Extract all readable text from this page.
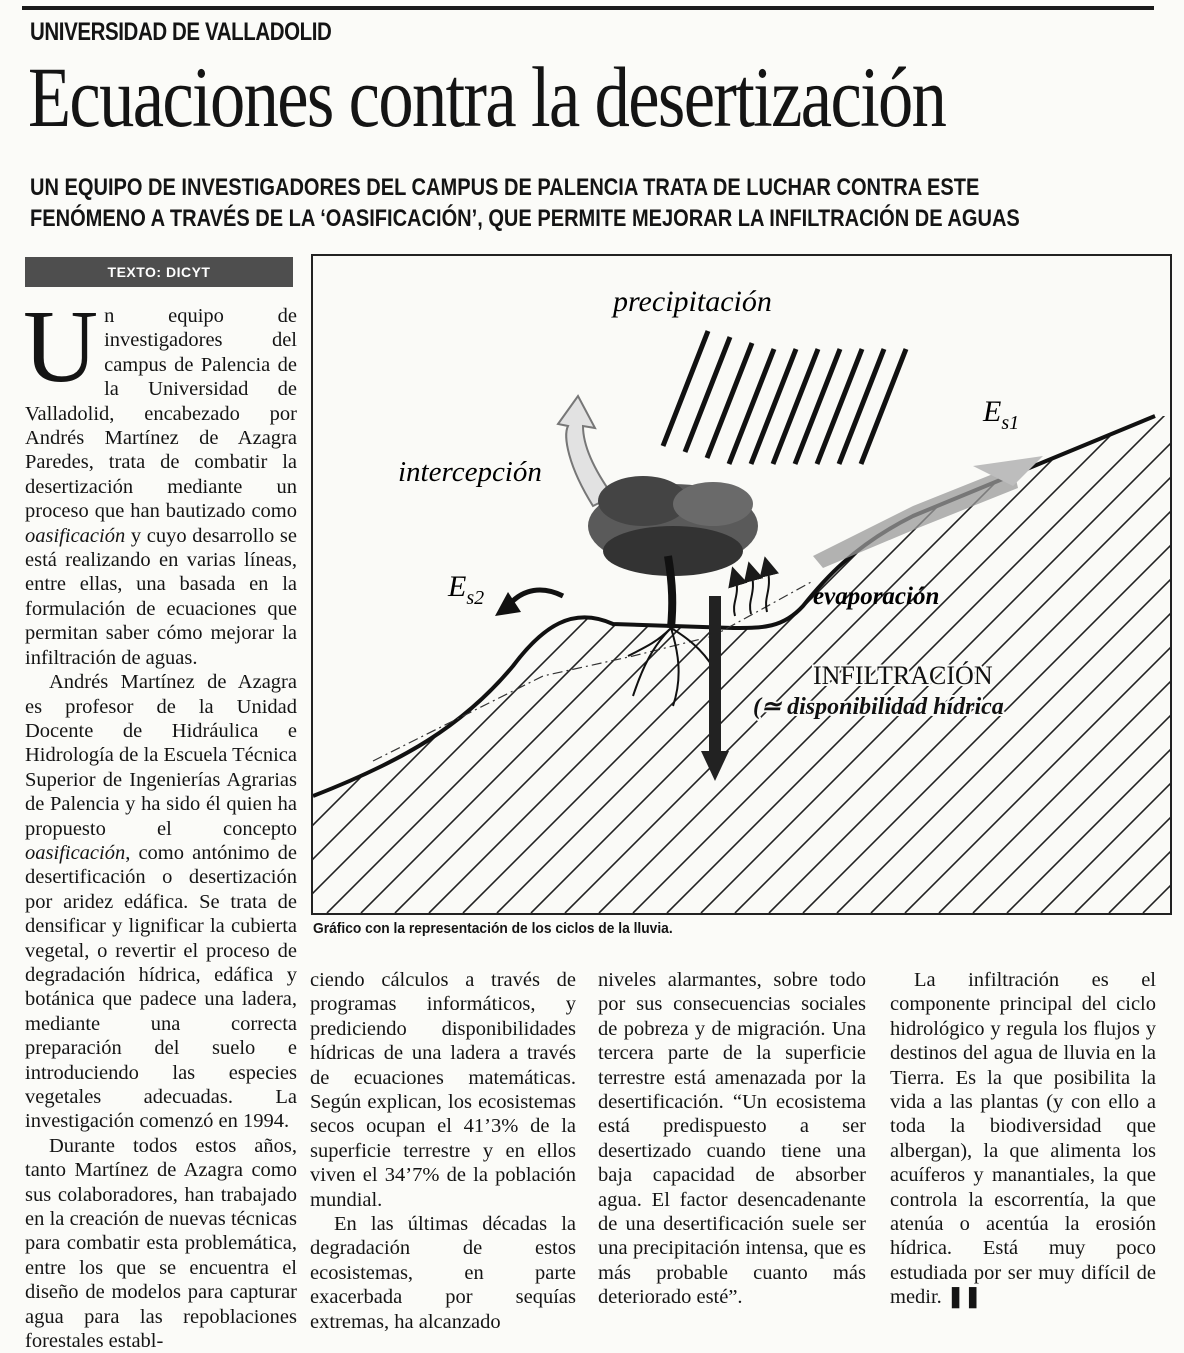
UNIVERSIDAD DE VALLADOLID
Ecuaciones contra la desertización
UN EQUIPO DE INVESTIGADORES DEL CAMPUS DE PALENCIA TRATA DE LUCHAR CONTRA ESTE
FENÓMENO A TRAVÉS DE LA ‘OASIFICACIÓN’, QUE PERMITE MEJORAR LA INFILTRACIÓN DE AGUAS
TEXTO: DICYT

Un equipo de investigadores del campus de Palencia de la Universidad de Valladolid, encabezado por Andrés Martínez de Azagra Paredes, trata de combatir la desertización mediante un proceso que han bautizado como oasificación y cuyo desarrollo se está realizando en varias líneas, entre ellas, una basada en la formulación de ecuaciones que permitan saber cómo mejorar la infiltración de aguas.

Andrés Martínez de Azagra es profesor de la Unidad Docente de Hidráulica e Hidrología de la Escuela Técnica Superior de Ingenierías Agrarias de Palencia y ha sido él quien ha propuesto el concepto oasificación, como antónimo de desertificación o desertización por aridez edáfica. Se trata de densificar y lignificar la cubierta vegetal, o revertir el proceso de degradación hídrica, edáfica y botánica que padece una ladera, mediante una correcta preparación del suelo e introduciendo las especies vegetales adecuadas. La investigación comenzó en 1994.

Durante todos estos años, tanto Martínez de Azagra como sus colaboradores, han trabajado en la creación de nuevas técnicas para combatir esta problemática, entre los que se encuentra el diseño de modelos para capturar agua para las repoblaciones forestales establ-

precipitación
intercepción
$E_{s1}$
$E_{s2}$	evaporación
INFILTRACIÓN
(≃ disponibilidad hídrica
Gráfico con la representación de los ciclos de la lluvia.

ciendo cálculos a través de programas informáticos, y prediciendo disponibilidades hídricas de una ladera a través de ecuaciones matemáticas. Según explican, los ecosistemas secos ocupan el 41’3% de la superficie terrestre y en ellos viven el 34’7% de la población mundial.

En las últimas décadas la degradación de estos ecosistemas, en parte exacerbada por sequías extremas, ha alcanzado

niveles alarmantes, sobre todo por sus consecuencias sociales de pobreza y de migración. Una tercera parte de la superficie terrestre está amenazada por la desertificación. “Un ecosistema está predispuesto a ser desertizado cuando tiene una baja capacidad de absorber agua. El factor desencadenante de una desertificación suele ser una precipitación intensa, que es más probable cuanto más deteriorado esté”.

La infiltración es el componente principal del ciclo hidrológico y regula los flujos y destinos del agua de lluvia en la Tierra. Es la que posibilita la vida a las plantas (y con ello a toda la biodiversidad que albergan), la que alimenta los acuíferos y manantiales, la que controla la escorrentía, la que atenúa o acentúa la erosión hídrica. Está muy poco estudiada por ser muy difícil de medir. ❚❚
